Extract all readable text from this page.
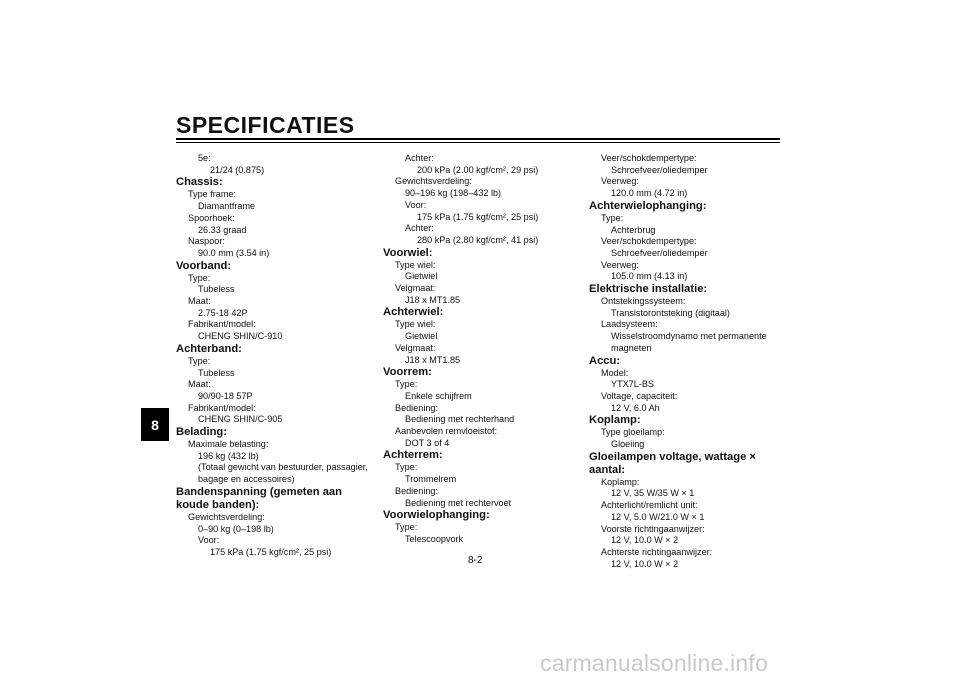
SPECIFICATIES
8
5e:
21/24 (0.875)
Chassis:
Type frame:
Diamantframe
Spoorhoek:
26.33 graad
Naspoor:
90.0 mm (3.54 in)
Voorband:
Type:
Tubeless
Maat:
2.75-18 42P
Fabrikant/model:
CHENG SHIN/C-910
Achterband:
Type:
Tubeless
Maat:
90/90-18 57P
Fabrikant/model:
CHENG SHIN/C-905
Belading:
Maximale belasting:
196 kg (432 lb)
(Totaal gewicht van bestuurder, passagier,
bagage en accessoires)
Bandenspanning (gemeten aan koude banden):
Gewichtsverdeling:
0–90 kg (0–198 lb)
Voor:
175 kPa (1.75 kgf/cm², 25 psi)
Achter:
200 kPa (2.00 kgf/cm², 29 psi)
Gewichtsverdeling:
90–196 kg (198–432 lb)
Voor:
175 kPa (1.75 kgf/cm², 25 psi)
Achter:
280 kPa (2.80 kgf/cm², 41 psi)
Voorwiel:
Type wiel:
Gietwiel
Velgmaat:
J18 x MT1.85
Achterwiel:
Type wiel:
Gietwiel
Velgmaat:
J18 x MT1.85
Voorrem:
Type:
Enkele schijfrem
Bediening:
Bediening met rechterhand
Aanbevolen remvloeistof:
DOT 3 of 4
Achterrem:
Type:
Trommelrem
Bediening:
Bediening met rechtervoet
Voorwielophanging:
Type:
Telescoopvork
Veer/schokdempertype:
Schroefveer/oliedemper
Veerweg:
120.0 mm (4.72 in)
Achterwielophanging:
Type:
Achterbrug
Veer/schokdempertype:
Schroefveer/oliedemper
Veerweg:
105.0 mm (4.13 in)
Elektrische installatie:
Ontstekingssysteem:
Transistorontsteking (digitaal)
Laadsysteem:
Wisselstroomdynamo met permanente
magneten
Accu:
Model:
YTX7L-BS
Voltage, capaciteit:
12 V, 6.0 Ah
Koplamp:
Type gloeilamp:
Gloeiing
Gloeilampen voltage, wattage × aantal:
Koplamp:
12 V, 35 W/35 W × 1
Achterlicht/remlicht unit:
12 V, 5.0 W/21.0 W × 1
Voorste richtingaanwijzer:
12 V, 10.0 W × 2
Achterste richtingaanwijzer:
12 V, 10.0 W × 2
8-2
carmanualsonline.info
